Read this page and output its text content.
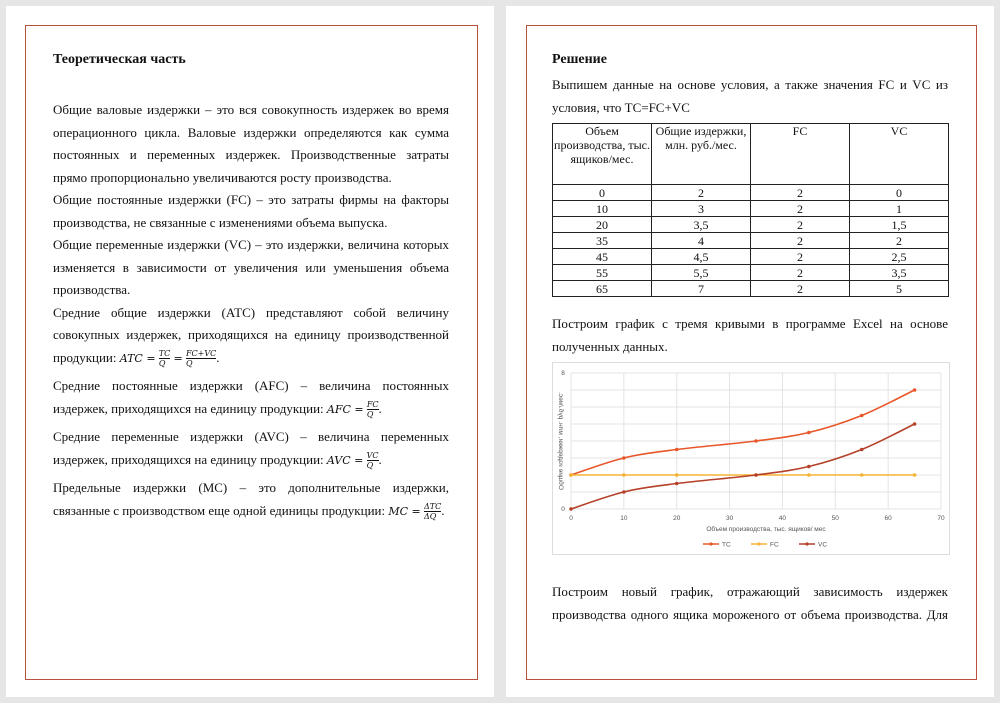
Теоретическая часть
Общие валовые издержки – это вся совокупность издержек во время
операционного цикла. Валовые издержки определяются как сумма
постоянных и переменных издержек. Производственные затраты
прямо пропорционально увеличиваются росту производства.
Общие постоянные издержки (FC) – это затраты фирмы на факторы
производства, не связанные с изменениями объема выпуска.
Общие переменные издержки (VC) – это издержки, величина которых
изменяется в зависимости от увеличения или уменьшения объема
производства.
Средние общие издержки (АТС) представляют собой величину
совокупных издержек, приходящихся на единицу производственной
продукции: ATC = $\frac{TC}{Q} = \frac{FC+VC}{Q}$ .
Средние постоянные издержки (AFC) – величина постоянных
издержек, приходящихся на единицу продукции: AFC = $\frac{FC}{Q}$ .
Средние переменные издержки (AVC) – величина переменных
издержек, приходящихся на единицу продукции: AVC = $\frac{VC}{Q}$ .
Предельные издержки (МС) – это дополнительные издержки,
связанные с производством еще одной единицы продукции: MC = ΔTC
ΔQ .
Решение
Выпишем данные на основе условия, а также значения FC и VC из
условия, что TC=FC+VC
Объем производства, тыс. ящиков/мес.	Общие издержки, млн. руб./мес.	FC	VC
0	2	2	0
10	3	2	1
20	3,5	2	1,5
35	4	2	2
45	4,5	2	2,5
55	5,5	2	3,5
65	7	2	5
Построим график с тремя кривыми в программе Excel на основе
полученных данных.
0	10	20	30	40	50	60	70
0
8
Объем производства, тыс. ящиков/ мес
Общие издержки, млн. руб./мес.
TC	FC	VC
Построим новый график, отражающий зависимость издержек
производства одного ящика мороженого от объема производства. Для
